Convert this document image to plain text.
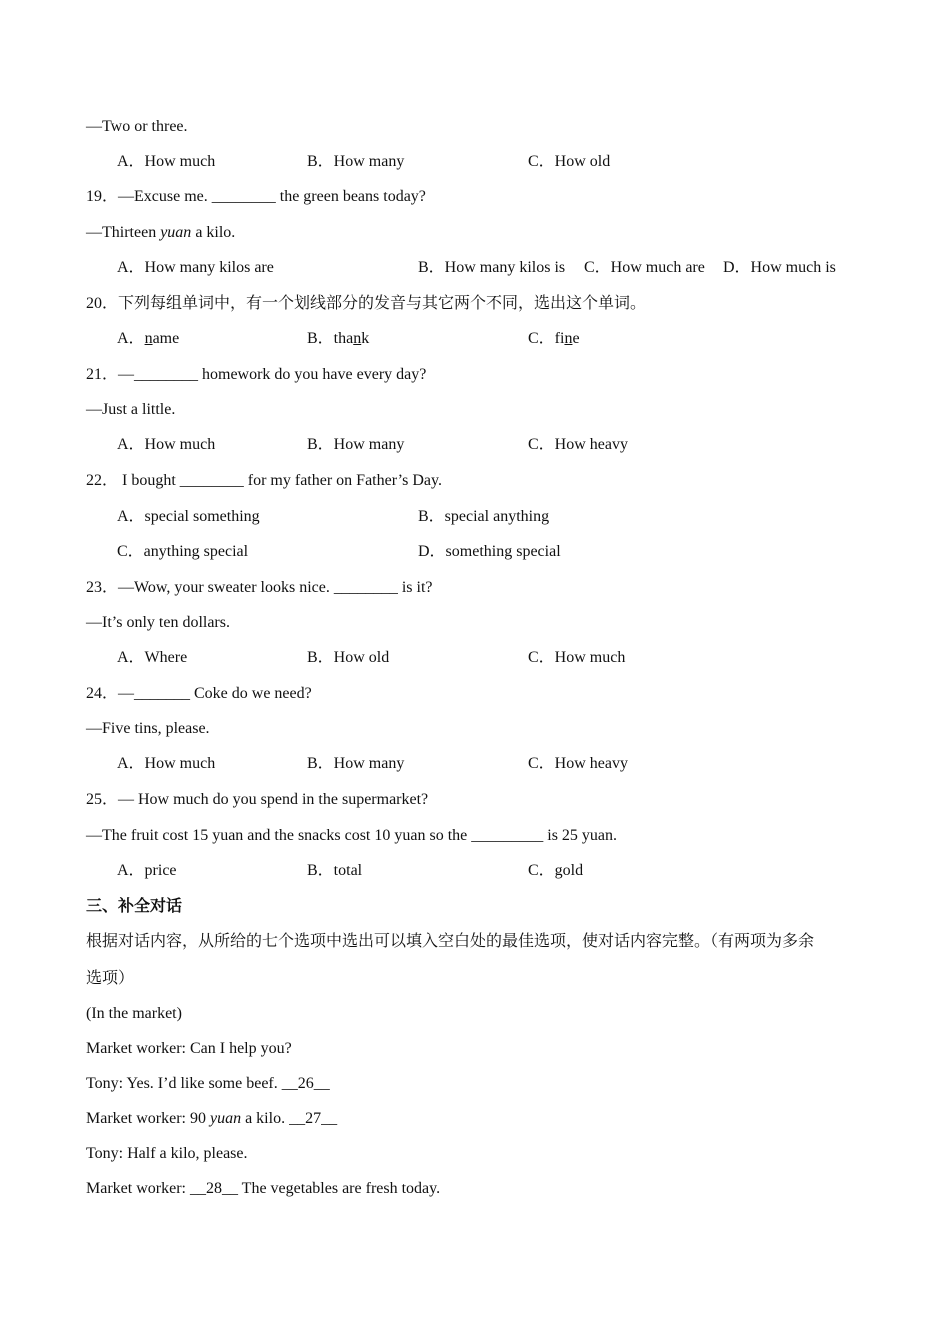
—Two or three.
A．How much	B．How many	C．How old
19．—Excuse me. ________ the green beans today?
—Thirteen yuan a kilo.
A．How many kilos are	B．How many kilos is C．How much are D．How much is
20．下列每组单词中，有一个划线部分的发音与其它两个不同，选出这个单词。
A．name	B．thank	C．fine
21．—________ homework do you have every day?
—Just a little.
A．How much	B．How many	C．How heavy
22． I bought ________ for my father on Father’s Day.
A．special something	B．special anything
C．anything special	D．something special
23．—Wow, your sweater looks nice. ________ is it?
—It’s only ten dollars.
A．Where	B．How old	C．How much
24．—_______ Coke do we need?
—Five tins, please.
A．How much	B．How many	C．How heavy
25．— How much do you spend in the supermarket?
—The fruit cost 15 yuan and the snacks cost 10 yuan so the _________ is 25 yuan.
A．price	B．total	C．gold
三、补全对话
根据对话内容，从所给的七个选项中选出可以填入空白处的最佳选项，使对话内容完整。（有两项为多余
选项）
(In the market)
Market worker: Can I help you?
Tony: Yes. I’d like some beef. __26__
Market worker: 90 yuan a kilo. __27__
Tony: Half a kilo, please.
Market worker: __28__ The vegetables are fresh today.
